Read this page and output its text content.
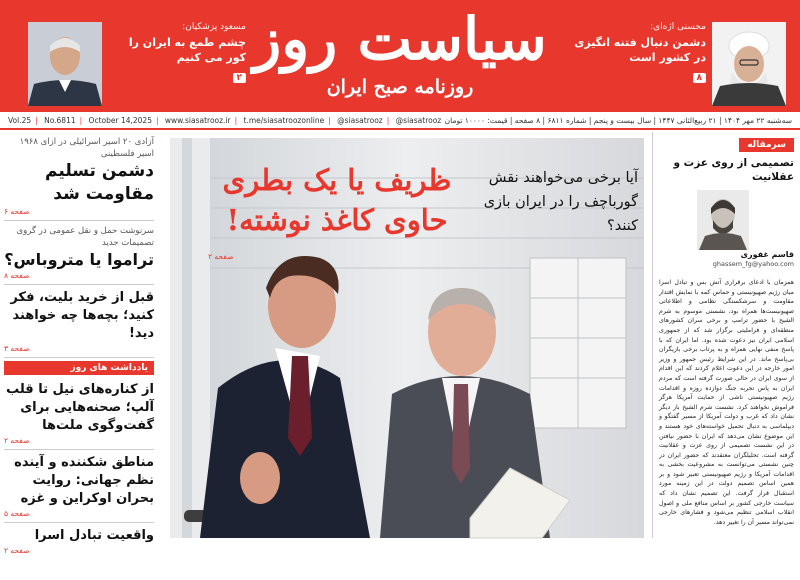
محسنی اژه‌ای:
دشمن دنبال فتنه انگیزی در کشور است
۸
سیاست روز
روزنامه صبح ایران
مسعود پزشکیان:
چشم طمع به ایران را کور می کنیم
۲
Vol.25 | No.6811 | October 14,2025 | www.siasatrooz.ir | t.me/siasatroozonline | @siasatrooz | @siasatrooz سه‌شنبه ۲۲ مهر ۱۴۰۴ | ۲۱ ربیع‌الثانی ۱۴۴۷ | سال بیست و پنجم | شماره ۶۸۱۱ | ۸ صفحه | قیمت: ۱۰۰۰۰ تومان
آزادی ۲۰ اسیر اسرائیلی در ازای ۱۹۶۸ اسیر فلسطینی
دشمن تسلیم مقاومت شد
صفحه ۶
سرنوشت حمل و نقل عمومی در گروی تصمیمات جدید
تراموا یا متروباس؟
صفحه ۸
قبل از خرید بلیت، فکر کنید؛ بچه‌ها چه خواهند دید!
صفحه ۳
یادداشت های روز
از کناره‌های نیل تا قلب آلپ؛ صحنه‌هایی برای گفت‌وگوی ملت‌ها
صفحه ۲
مناطق شکننده و آینده نظم جهانی: روایت بحران اوکراین و غزه
صفحه ۵
واقعیت تبادل اسرا
صفحه ۲
ظریف یا یک بطری حاوی کاغذ نوشته!
صفحه ۲
آیا برخی می‌خواهند نقش گورباچف را در ایران بازی کنند؟
سرمقاله
تصمیمی از روی عزت و عقلانیت
قاسم غفوری
ghassem_fg@yahoo.com
همزمان با ادعای برقراری آتش بس و تبادل اسرا میان رژیم صهیونیستی و حماس کمه با نمایش اقتدار مقاومت و سرشکستگی نظامی و اطلاعاتی صهیونیست‌ها همراه بود، نشستی موسوم به شرم الشیخ با حضور ترامپ و برخی سران کشورهای منطقه‌ای و فراملیتی برگزار شد که از جمهوری اسلامی ایران نیز دعوت شده بود. اما ایران که با پاسخ منفی نهایی همراه و به پرتاب برخی بازیگران بی‌پاسخ ماند. در این شرایط رئیس جمهور و وزیر امور خارجه در این دعوت اعلام کردند که این اقدام از سوی ایران در حالی صورت گرفته است که مردم ایران به پاس تجربه جنگ دوازده روزه و اقدامات رژیم صهیونیستی ناشی از حمایت آمریکا هرگز فراموش نخواهند کرد. نشست شرم الشیخ بار دیگر نشان داد که غرب و دولت آمریکا از مسیر گفتگو و دیپلماسی به دنبال تحمیل خواسته‌های خود هستند و این موضوع نشان می‌دهد که ایران با حضور نیافتن در این نشست تصمیمی از روی عزت و عقلانیت گرفته است. تحلیلگران معتقدند که حضور ایران در چنین نشستی می‌توانست به مشروعیت بخشی به اقدامات آمریکا و رژیم صهیونیستی تعبیر شود و بر همین اساس تصمیم دولت در این زمینه مورد استقبال قرار گرفت. این تصمیم نشان داد که سیاست خارجی کشور بر اساس منافع ملی و اصول انقلاب اسلامی تنظیم می‌شود و فشارهای خارجی نمی‌تواند مسیر آن را تغییر دهد.
